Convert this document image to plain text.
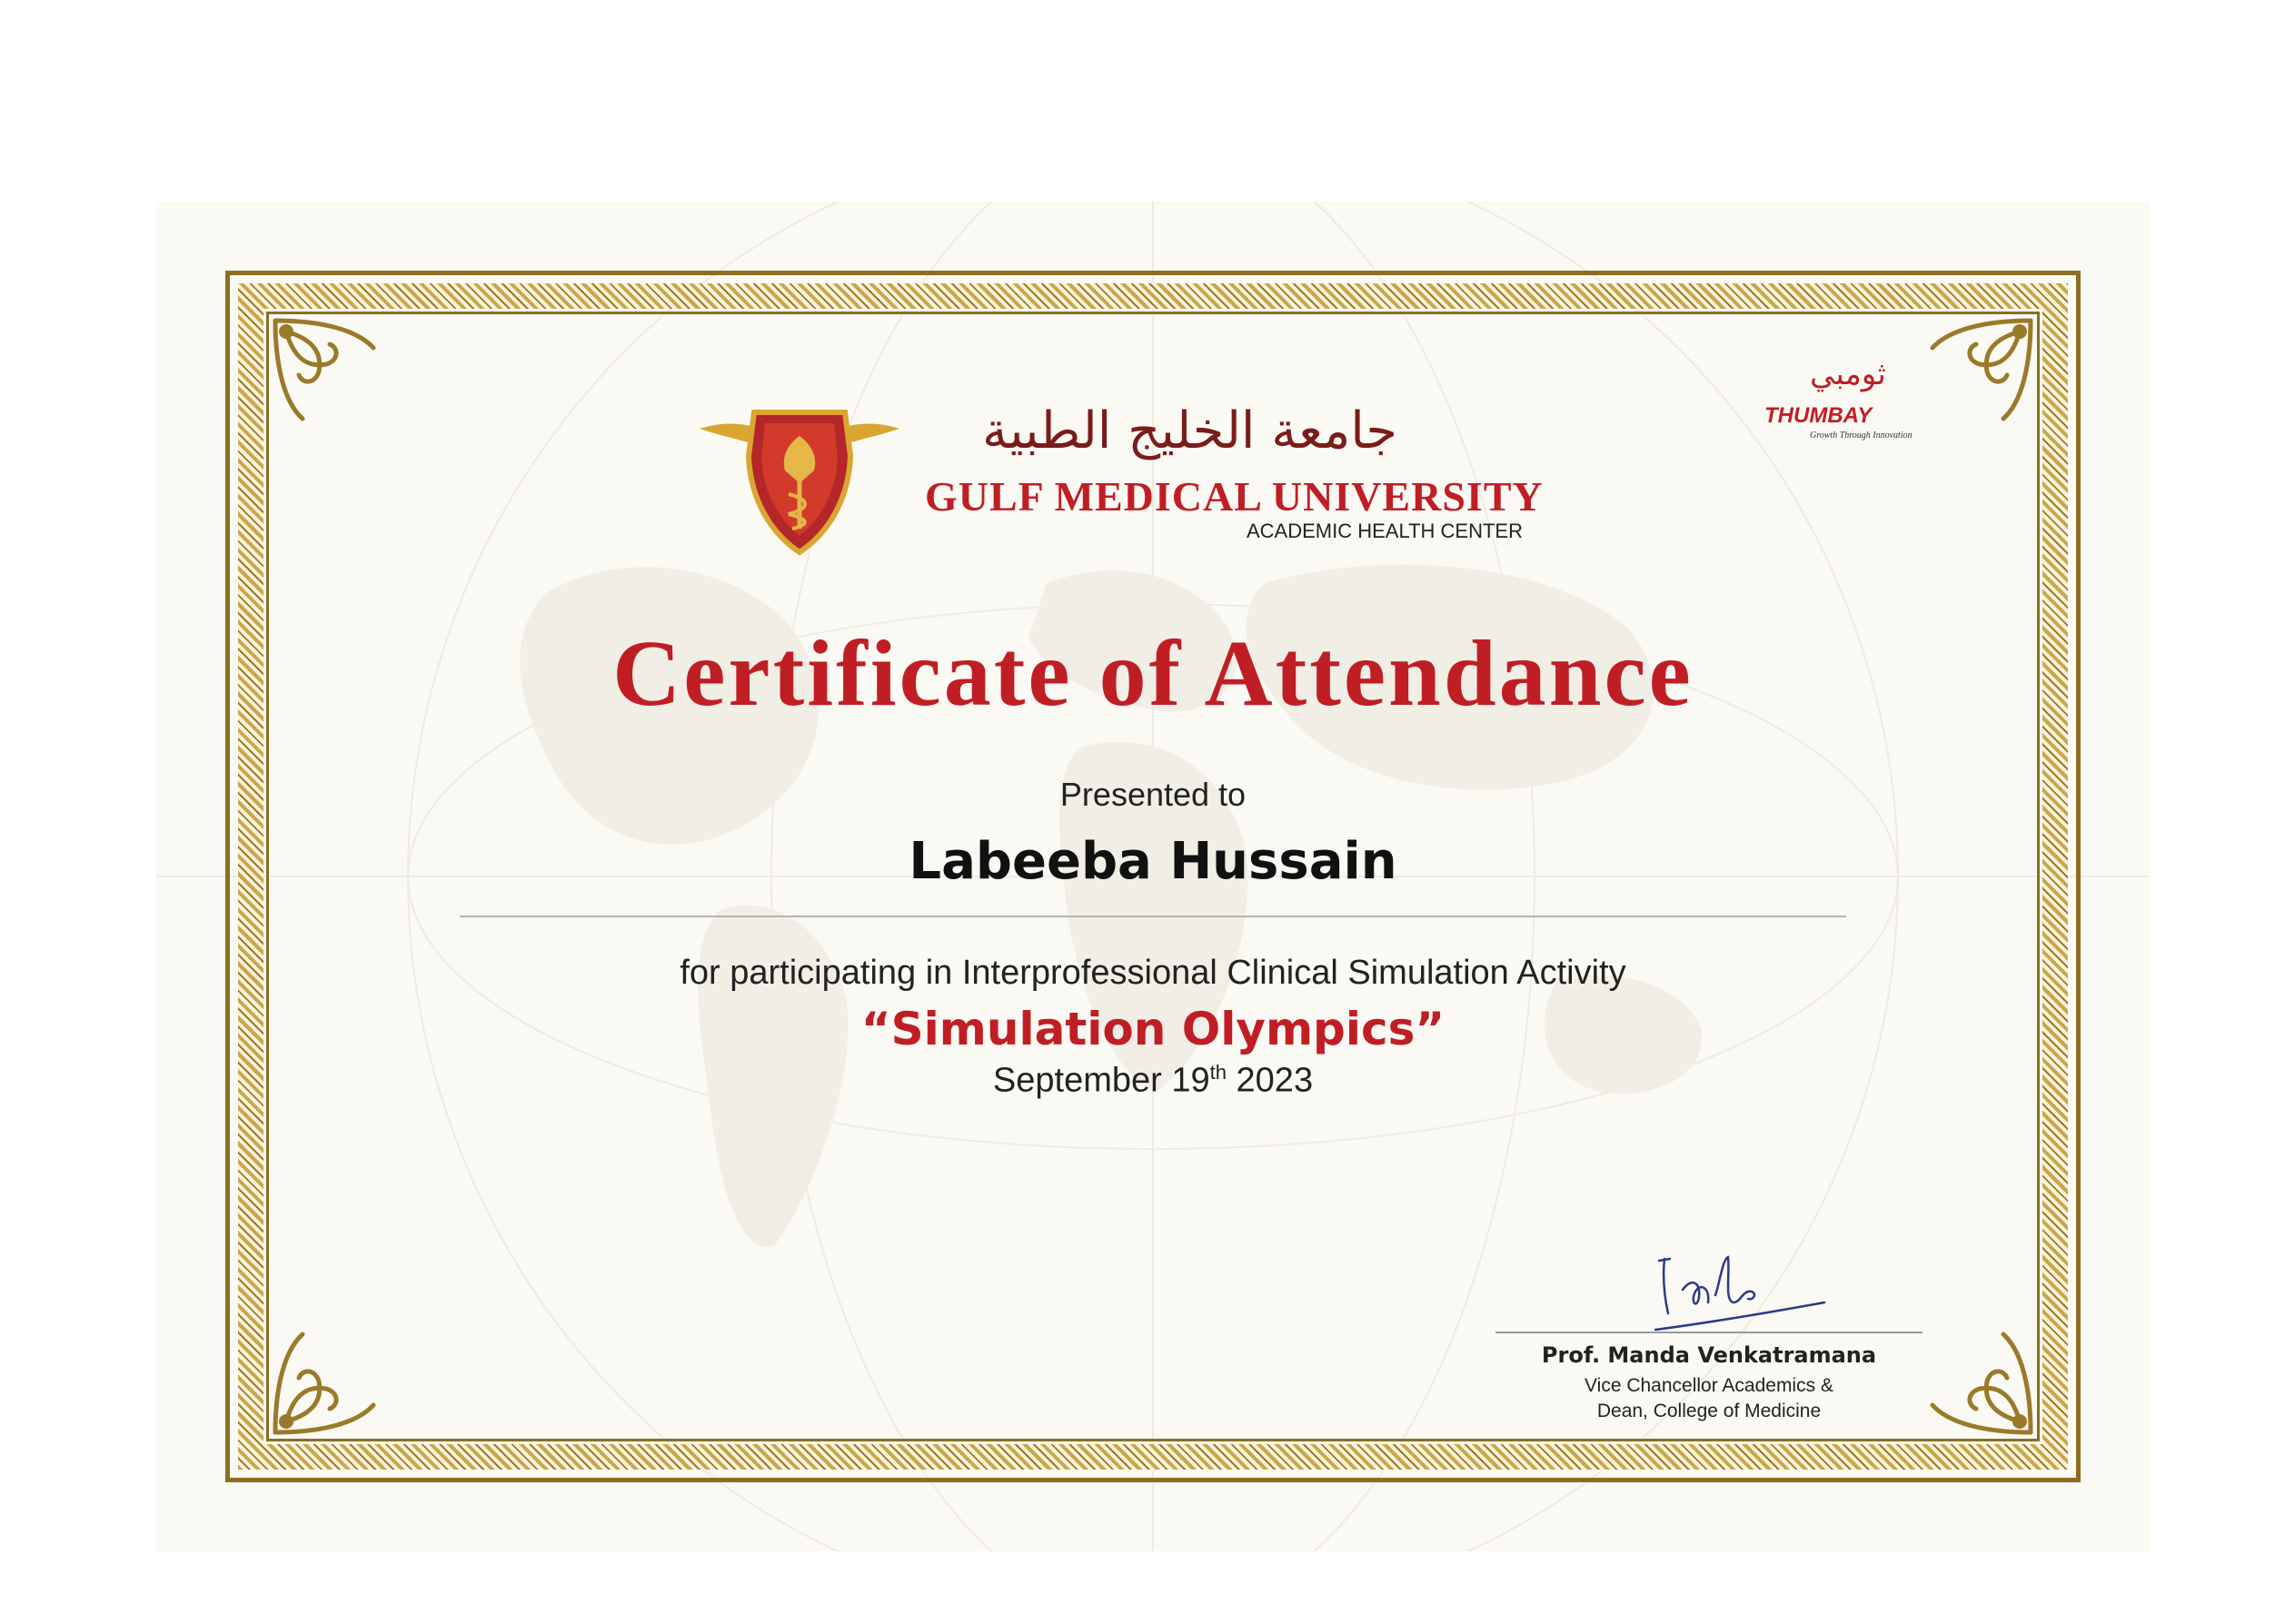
جامعة الخليج الطبية
GULF MEDICAL UNIVERSITY
ACADEMIC HEALTH CENTER
ثومبي
THUMBAY
Growth Through Innovation
Certificate of Attendance
Presented to
Labeeba Hussain
for participating in Interprofessional Clinical Simulation Activity
“Simulation Olympics”
September 19th 2023
Prof. Manda Venkatramana
Vice Chancellor Academics &
Dean, College of Medicine
